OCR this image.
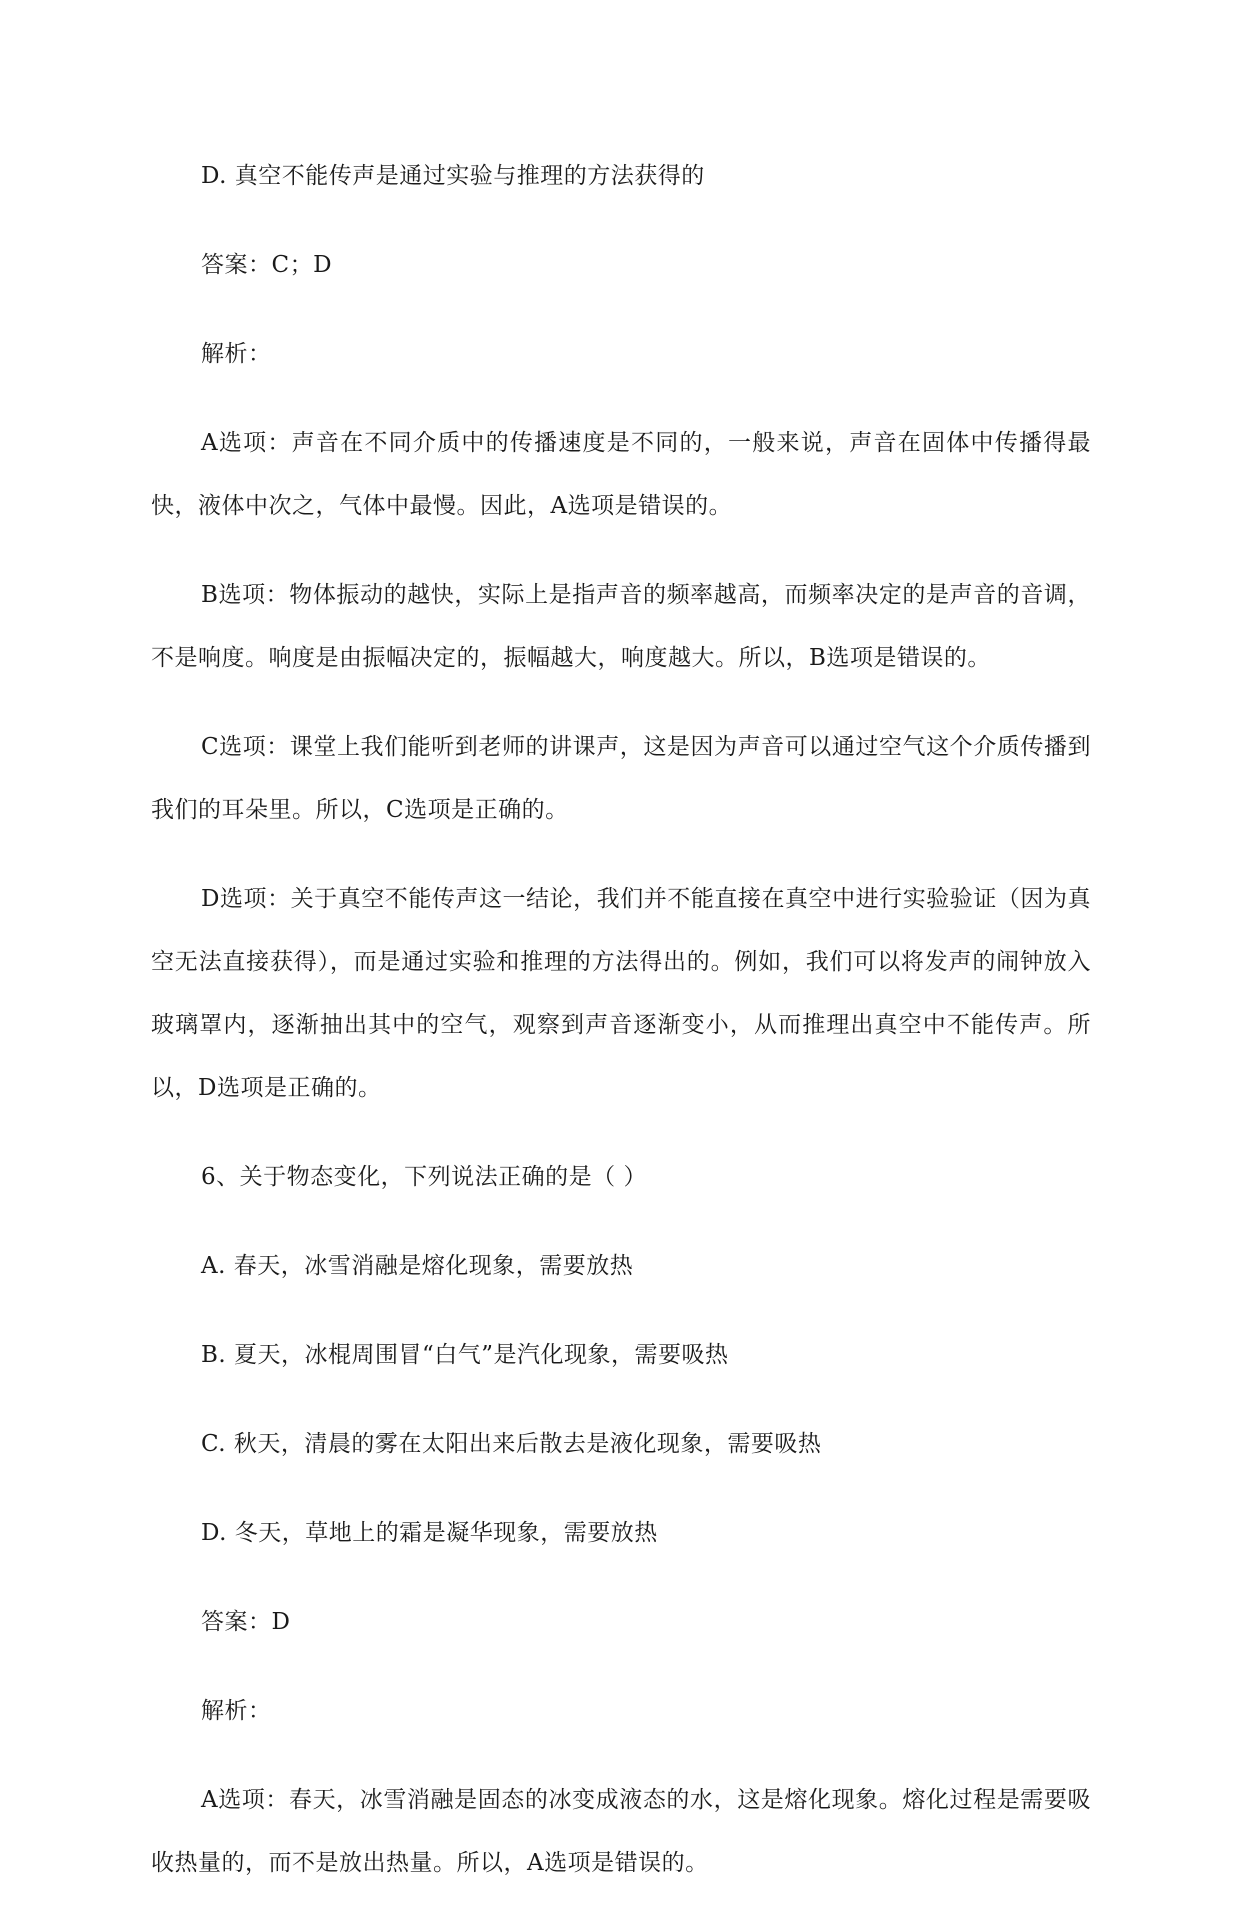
D. 真空不能传声是通过实验与推理的方法获得的

答案：C；D

解析：

A选项：声音在不同介质中的传播速度是不同的，一般来说，声音在固体中传播得最快，液体中次之，气体中最慢。因此，A选项是错误的。

B选项：物体振动的越快，实际上是指声音的频率越高，而频率决定的是声音的音调，不是响度。响度是由振幅决定的，振幅越大，响度越大。所以，B选项是错误的。

C选项：课堂上我们能听到老师的讲课声，这是因为声音可以通过空气这个介质传播到我们的耳朵里。所以，C选项是正确的。

D选项：关于真空不能传声这一结论，我们并不能直接在真空中进行实验验证（因为真空无法直接获得），而是通过实验和推理的方法得出的。例如，我们可以将发声的闹钟放入玻璃罩内，逐渐抽出其中的空气，观察到声音逐渐变小，从而推理出真空中不能传声。所以，D选项是正确的。

6、关于物态变化，下列说法正确的是（ ）

A. 春天，冰雪消融是熔化现象，需要放热

B. 夏天，冰棍周围冒“白气”是汽化现象，需要吸热

C. 秋天，清晨的雾在太阳出来后散去是液化现象，需要吸热

D. 冬天，草地上的霜是凝华现象，需要放热

答案：D

解析：

A选项：春天，冰雪消融是固态的冰变成液态的水，这是熔化现象。熔化过程是需要吸收热量的，而不是放出热量。所以，A选项是错误的。
